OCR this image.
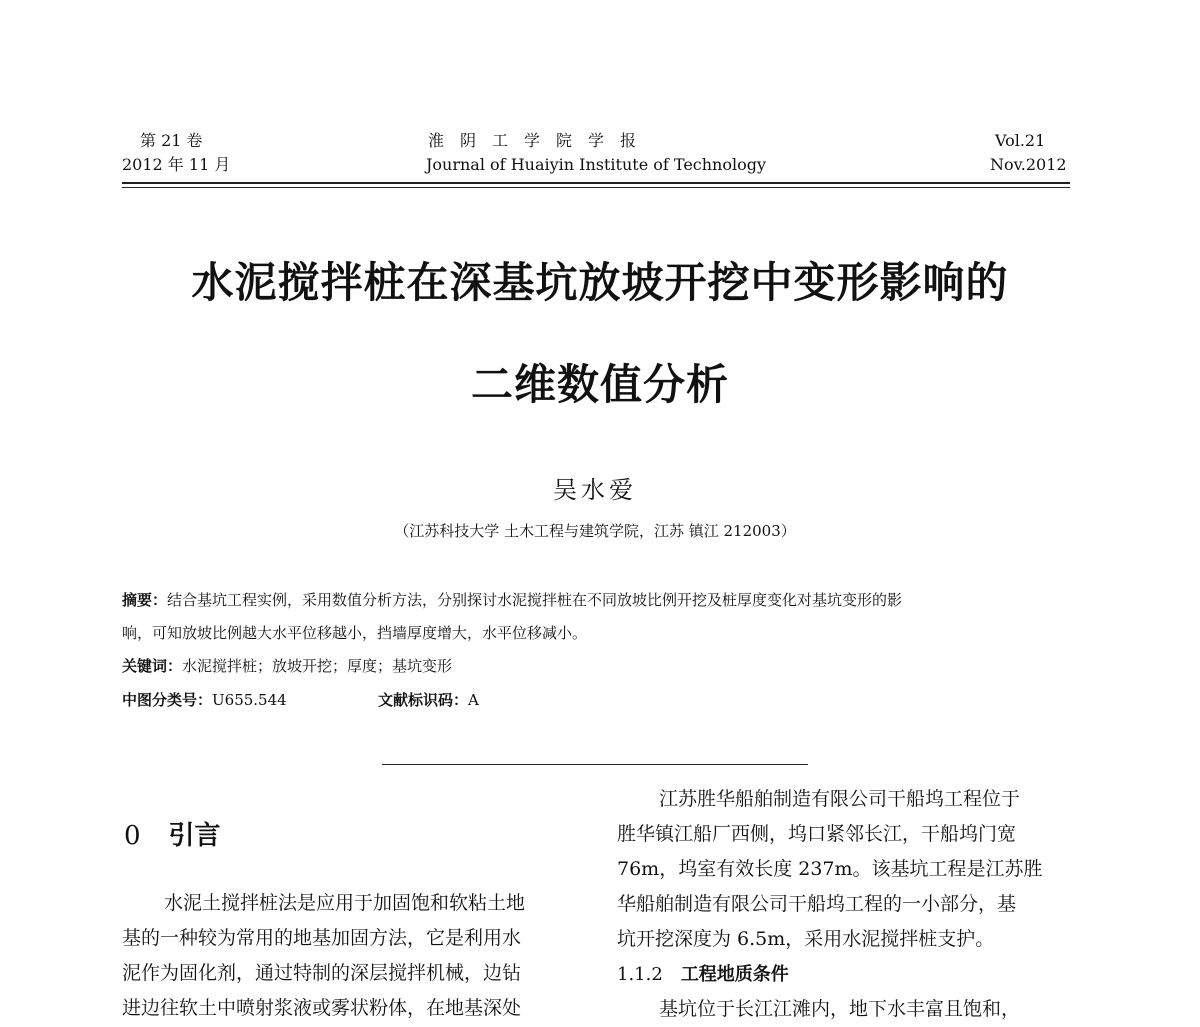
第 21 卷
2012 年 11 月
淮阴工学院学报
Journal of Huaiyin Institute of Technology
Vol.21
Nov.2012
水泥搅拌桩在深基坑放坡开挖中变形影响的
二维数值分析
吴水爱
（江苏科技大学 土木工程与建筑学院，江苏 镇江 212003）
摘要：结合基坑工程实例，采用数值分析方法，分别探讨水泥搅拌桩在不同放坡比例开挖及桩厚度变化对基坑变形的影
响，可知放坡比例越大水平位移越小，挡墙厚度增大，水平位移减小。
关键词：水泥搅拌桩；放坡开挖；厚度；基坑变形
中图分类号：U655.544	文献标识码：A
0 引言

水泥土搅拌桩法是应用于加固饱和软粘土地

基的一种较为常用的地基加固方法，它是利用水

泥作为固化剂，通过特制的深层搅拌机械，边钻

进边往软土中喷射浆液或雾状粉体，在地基深处

江苏胜华船舶制造有限公司干船坞工程位于

胜华镇江船厂西侧，坞口紧邻长江，干船坞门宽

76m，坞室有效长度 237m。该基坑工程是江苏胜

华船舶制造有限公司干船坞工程的一小部分，基

坑开挖深度为 6.5m，采用水泥搅拌桩支护。

1.1.2 工程地质条件

基坑位于长江江滩内，地下水丰富且饱和，
